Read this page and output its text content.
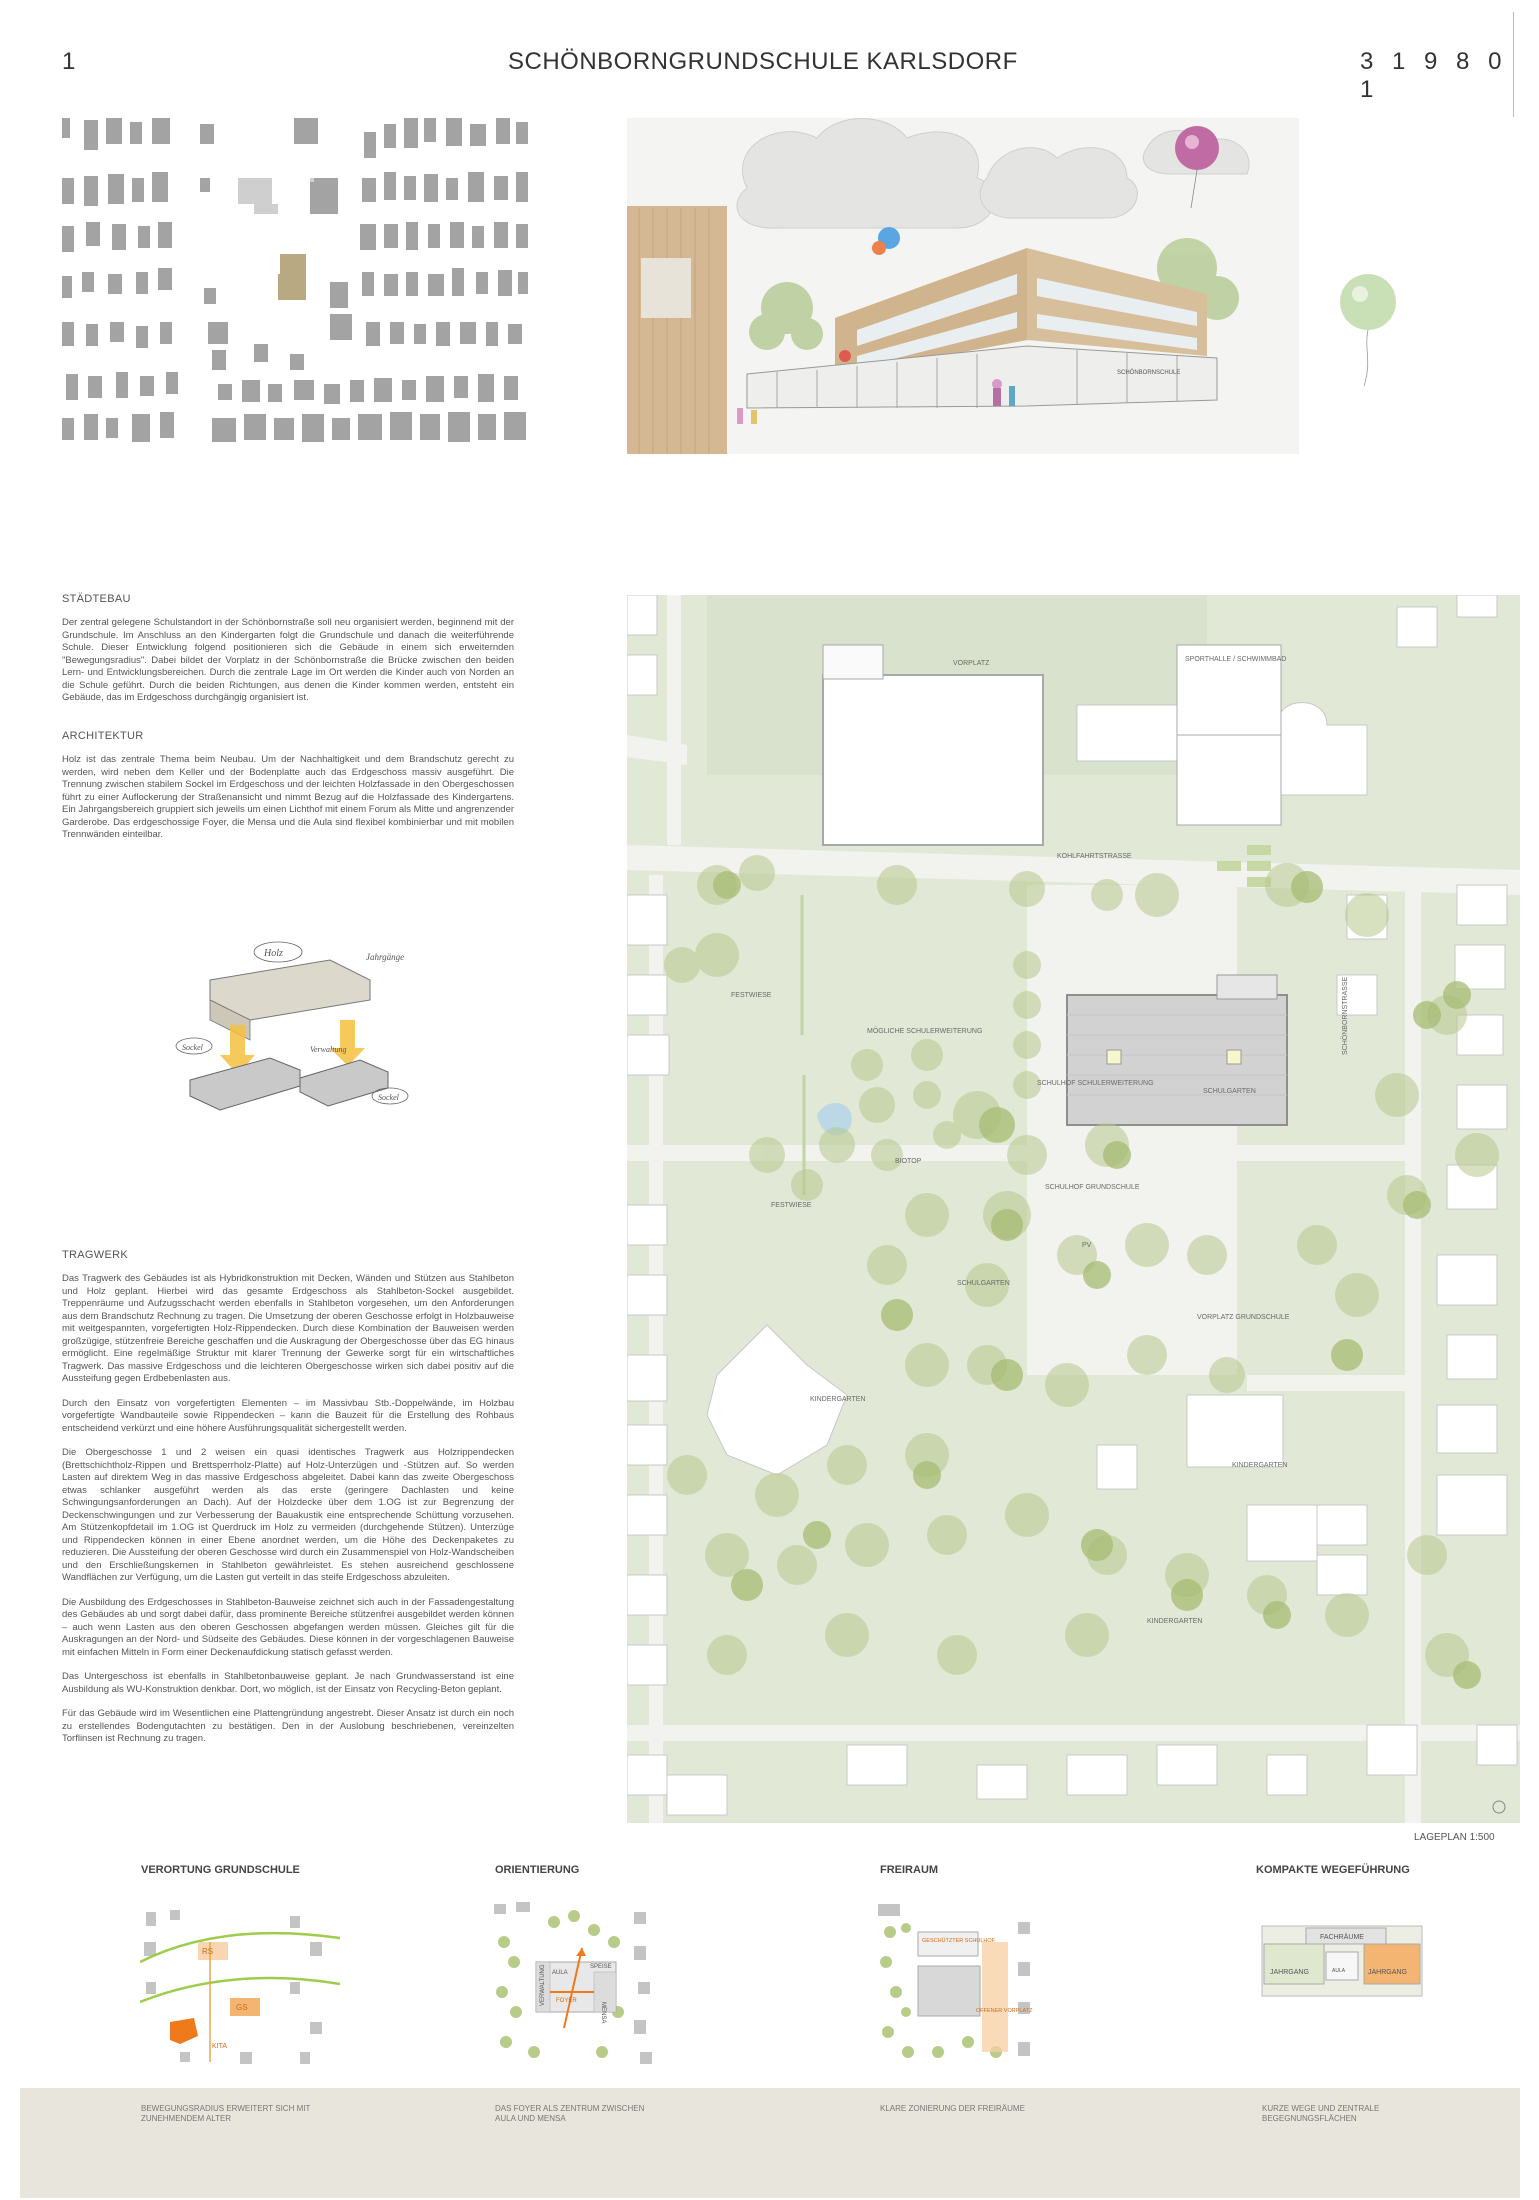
1	SCHÖNBORNGRUNDSCHULE KARLSDORF	3 1 9 8 0 1
SCHÖNBORNSCHULE
STÄDTEBAU
Der zentral gelegene Schulstandort in der Schönbornstraße soll neu organisiert werden, beginnend mit der Grundschule. Im Anschluss an den Kindergarten folgt die Grundschule und danach die weiterführende Schule. Dieser Entwicklung folgend positionieren sich die Gebäude in einem sich erweiternden "Bewegungsradius". Dabei bildet der Vorplatz in der Schönbornstraße die Brücke zwischen den beiden Lern- und Entwicklungsbereichen. Durch die zentrale Lage im Ort werden die Kinder auch von Norden an die Schule geführt. Durch die beiden Richtungen, aus denen die Kinder kommen werden, entsteht ein Gebäude, das im Erdgeschoss durchgängig organisiert ist.
ARCHITEKTUR
Holz ist das zentrale Thema beim Neubau. Um der Nachhaltigkeit und dem Brandschutz gerecht zu werden, wird neben dem Keller und der Bodenplatte auch das Erdgeschoss massiv ausgeführt. Die Trennung zwischen stabilem Sockel im Erdgeschoss und der leichten Holzfassade in den Obergeschossen führt zu einer Auflockerung der Straßenansicht und nimmt Bezug auf die Holzfassade des Kindergartens. Ein Jahrgangsbereich gruppiert sich jeweils um einen Lichthof mit einem Forum als Mitte und angrenzender Garderobe. Das erdgeschossige Foyer, die Mensa und die Aula sind flexibel kombinierbar und mit mobilen Trennwänden einteilbar.
Holz	Jahrgänge
Sockel	Verwaltung
Sockel
TRAGWERK

Das Tragwerk des Gebäudes ist als Hybridkonstruktion mit Decken, Wänden und Stützen aus Stahlbeton und Holz geplant. Hierbei wird das gesamte Erdgeschoss als Stahlbeton-Sockel ausgebildet. Treppenräume und Aufzugsschacht werden ebenfalls in Stahlbeton vorgesehen, um den Anforderungen aus dem Brandschutz Rechnung zu tragen. Die Umsetzung der oberen Geschosse erfolgt in Holzbauweise mit weitgespannten, vorgefertigten Holz-Rippendecken. Durch diese Kombination der Bauweisen werden großzügige, stützenfreie Bereiche geschaffen und die Auskragung der Obergeschosse über das EG hinaus ermöglicht. Eine regelmäßige Struktur mit klarer Trennung der Gewerke sorgt für ein wirtschaftliches Tragwerk. Das massive Erdgeschoss und die leichteren Obergeschosse wirken sich dabei positiv auf die Aussteifung gegen Erdbebenlasten aus.

Durch den Einsatz von vorgefertigten Elementen – im Massivbau Stb.-Doppelwände, im Holzbau vorgefertigte Wandbauteile sowie Rippendecken – kann die Bauzeit für die Erstellung des Rohbaus entscheidend verkürzt und eine höhere Ausführungsqualität sichergestellt werden.

Die Obergeschosse 1 und 2 weisen ein quasi identisches Tragwerk aus Holzrippendecken (Brettschichtholz-Rippen und Brettsperrholz-Platte) auf Holz-Unterzügen und -Stützen auf. So werden Lasten auf direktem Weg in das massive Erdgeschoss abgeleitet. Dabei kann das zweite Obergeschoss etwas schlanker ausgeführt werden als das erste (geringere Dachlasten und keine Schwingungsanforderungen an Dach). Auf der Holzdecke über dem 1.OG ist zur Begrenzung der Deckenschwingungen und zur Verbesserung der Bauakustik eine entsprechende Schüttung vorzusehen. Am Stützenkopfdetail im 1.OG ist Querdruck im Holz zu vermeiden (durchgehende Stützen). Unterzüge und Rippendecken können in einer Ebene anordnet werden, um die Höhe des Deckenpaketes zu reduzieren. Die Aussteifung der oberen Geschosse wird durch ein Zusammenspiel von Holz-Wandscheiben und den Erschließungskernen in Stahlbeton gewährleistet. Es stehen ausreichend geschlossene Wandflächen zur Verfügung, um die Lasten gut verteilt in das steife Erdgeschoss abzuleiten.

Die Ausbildung des Erdgeschosses in Stahlbeton-Bauweise zeichnet sich auch in der Fassadengestaltung des Gebäudes ab und sorgt dabei dafür, dass prominente Bereiche stützenfrei ausgebildet werden können – auch wenn Lasten aus den oberen Geschossen abgefangen werden müssen. Gleiches gilt für die Auskragungen an der Nord- und Südseite des Gebäudes. Diese können in der vorgeschlagenen Bauweise mit einfachen Mitteln in Form einer Deckenaufdickung statisch gefasst werden.

Das Untergeschoss ist ebenfalls in Stahlbetonbauweise geplant. Je nach Grundwasserstand ist eine Ausbildung als WU-Konstruktion denkbar. Dort, wo möglich, ist der Einsatz von Recycling-Beton geplant.

Für das Gebäude wird im Wesentlichen eine Plattengründung angestrebt. Dieser Ansatz ist durch ein noch zu erstellendes Bodengutachten zu bestätigen. Den in der Auslobung beschriebenen, vereinzelten Torflinsen ist Rechnung zu tragen.

KOHLFAHRTSTRASSE
VORPLATZ
SPORTHALLE / SCHWIMMBAD
FESTWIESE
MÖGLICHE SCHULERWEITERUNG
SCHULHOF SCHULERWEITERUNG
SCHULGARTEN
BIOTOP
SCHULHOF GRUNDSCHULE
PV
FESTWIESE
SCHULGARTEN
VORPLATZ GRUNDSCHULE
KINDERGARTEN
KINDERGARTEN
KINDERGARTEN
SCHÖNBORNSTRASSE
LAGEPLAN 1:500
VERORTUNG GRUNDSCHULE	ORIENTIERUNG	FREIRAUM	KOMPAKTE WEGEFÜHRUNG
RS
GS
KITA
AULA
FOYER
MENSA
VERWALTUNG	SPEISE
GESCHÜTZTER SCHULHOF
OFFENER VORPLATZ
FACHRÄUME
JAHRGANG	JAHRGANG
AULA
BEWEGUNGSRADIUS ERWEITERT SICH MIT ZUNEHMENDEM ALTER
DAS FOYER ALS ZENTRUM ZWISCHEN AULA UND MENSA
KLARE ZONIERUNG DER FREIRÄUME	KURZE WEGE UND ZENTRALE BEGEGNUNGSFLÄCHEN
